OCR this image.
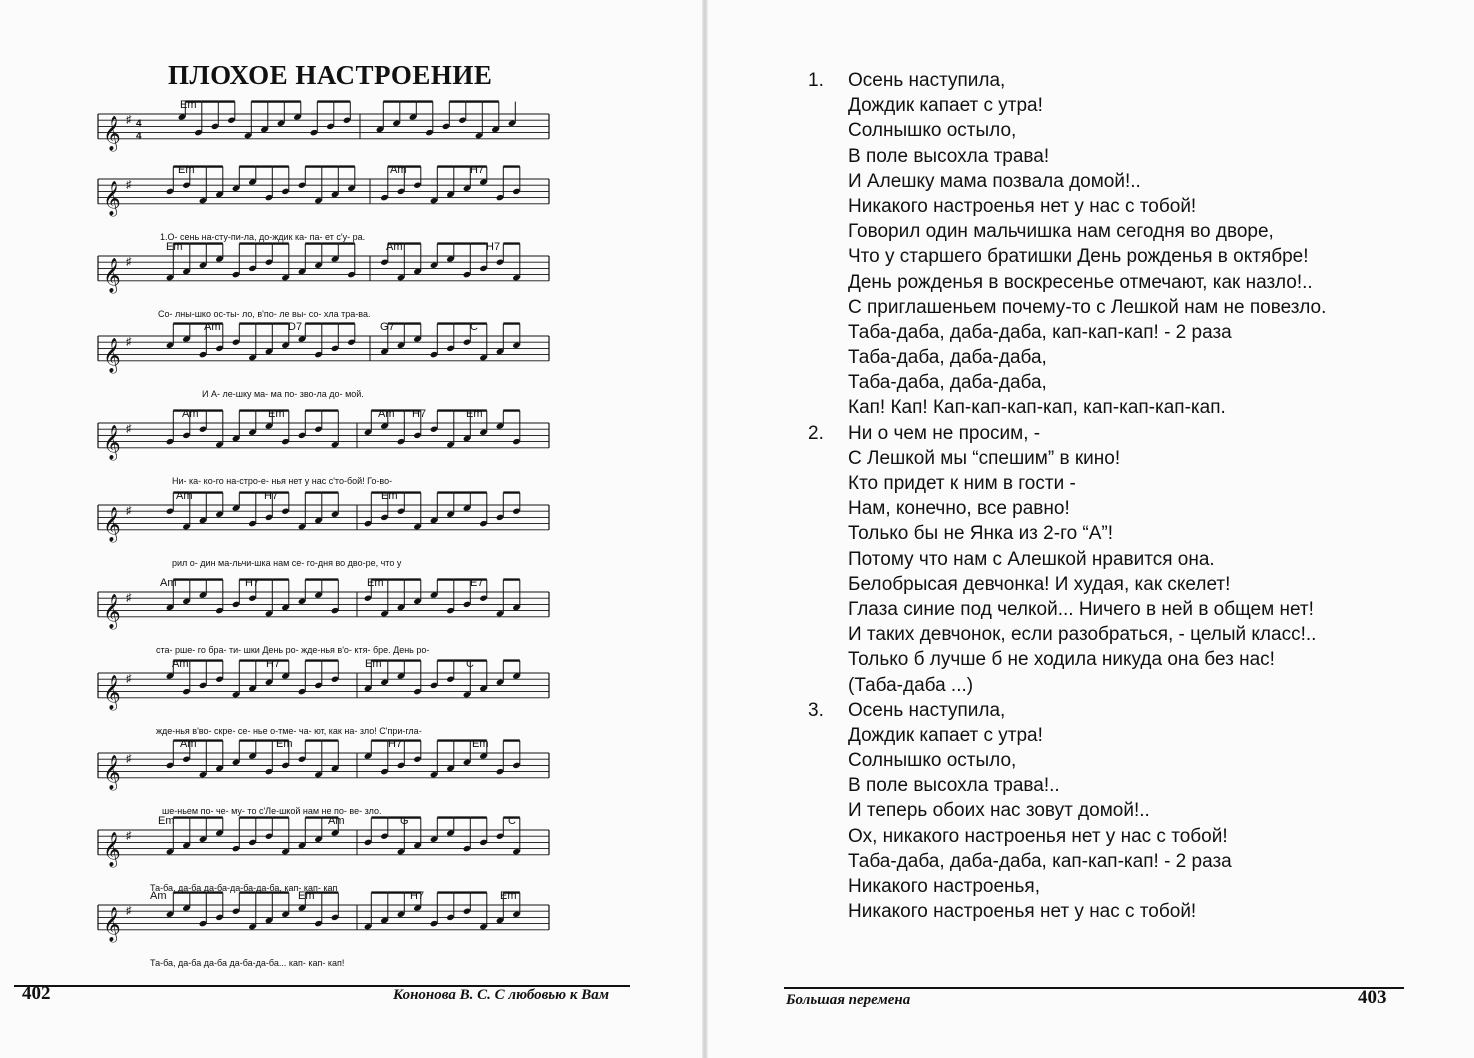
ПЛОХОЕ НАСТРОЕНИЕ
𝄞 ♯ 4
4
Em
𝄞 ♯
Em	Am	H7
1.О- сень на-сту-пи-ла, до-ждик ка- па- ет с'у- ра.
𝄞 ♯
Em	Am	H7
Со- лны-шко ос-ты- ло, в'по- ле вы- со- хла тра-ва.
𝄞 ♯
Am	D7	G7	C
И А- ле-шку ма- ма по- зво-ла до- мой.
𝄞 ♯
Am	Em	Am H7	Em
Ни- ка- ко-го на-стро-е- нья нет у нас с'то-бой! Го-во-
𝄞 ♯
Am	H7	Em
рил о- дин ма-льчи-шка нам се- го-дня во дво-ре, что у
𝄞 ♯
Am	H7	Em	E7
ста- рше- го бра- ти- шки День ро- жде-нья в'о- ктя- бре. День ро-
𝄞 ♯
Am	H7	Em	C
жде-нья в'во- скре- се- нье о-тме- ча- ют, как на- зло! С'при-гла-
𝄞 ♯
Am	Em	H7	Em
ше-ньем по- че- му- то с'Ле-шкой нам не по- ве- зло.
𝄞 ♯
Em	Am	G	C
Та-ба, да-ба да-ба-да-ба-да-ба, кап- кап- кап
𝄞 ♯
Am	Em	H7	Em
Та-ба, да-ба да-ба да-ба-да-ба... кап- кап- кап!
402	Кононова В. С. С любовью к Вам	Большая перемена	403
1. Осень наступила,
Дождик капает с утра!
Солнышко остыло,
В поле высохла трава!
И Алешку мама позвала домой!..
Никакого настроенья нет у нас с тобой!
Говорил один мальчишка нам сегодня во дворе,
Что у старшего братишки День рожденья в октябре!
День рожденья в воскресенье отмечают, как назло!..
С приглашеньем почему-то с Лешкой нам не повезло.
Таба-даба, даба-даба, кап-кап-кап! - 2 раза
Таба-даба, даба-даба,
Таба-даба, даба-даба,
Кап! Кап! Кап-кап-кап-кап, кап-кап-кап-кап.
2. Ни о чем не просим, -
С Лешкой мы “спешим” в кино!
Кто придет к ним в гости -
Нам, конечно, все равно!
Только бы не Янка из 2-го “А”!
Потому что нам с Алешкой нравится она.
Белобрысая девчонка! И худая, как скелет!
Глаза синие под челкой... Ничего в ней в общем нет!
И таких девчонок, если разобраться, - целый класс!..
Только б лучше б не ходила никуда она без нас!
(Таба-даба ...)
3. Осень наступила,
Дождик капает с утра!
Солнышко остыло,
В поле высохла трава!..
И теперь обоих нас зовут домой!..
Ох, никакого настроенья нет у нас с тобой!
Таба-даба, даба-даба, кап-кап-кап! - 2 раза
Никакого настроенья,
Никакого настроенья нет у нас с тобой!
